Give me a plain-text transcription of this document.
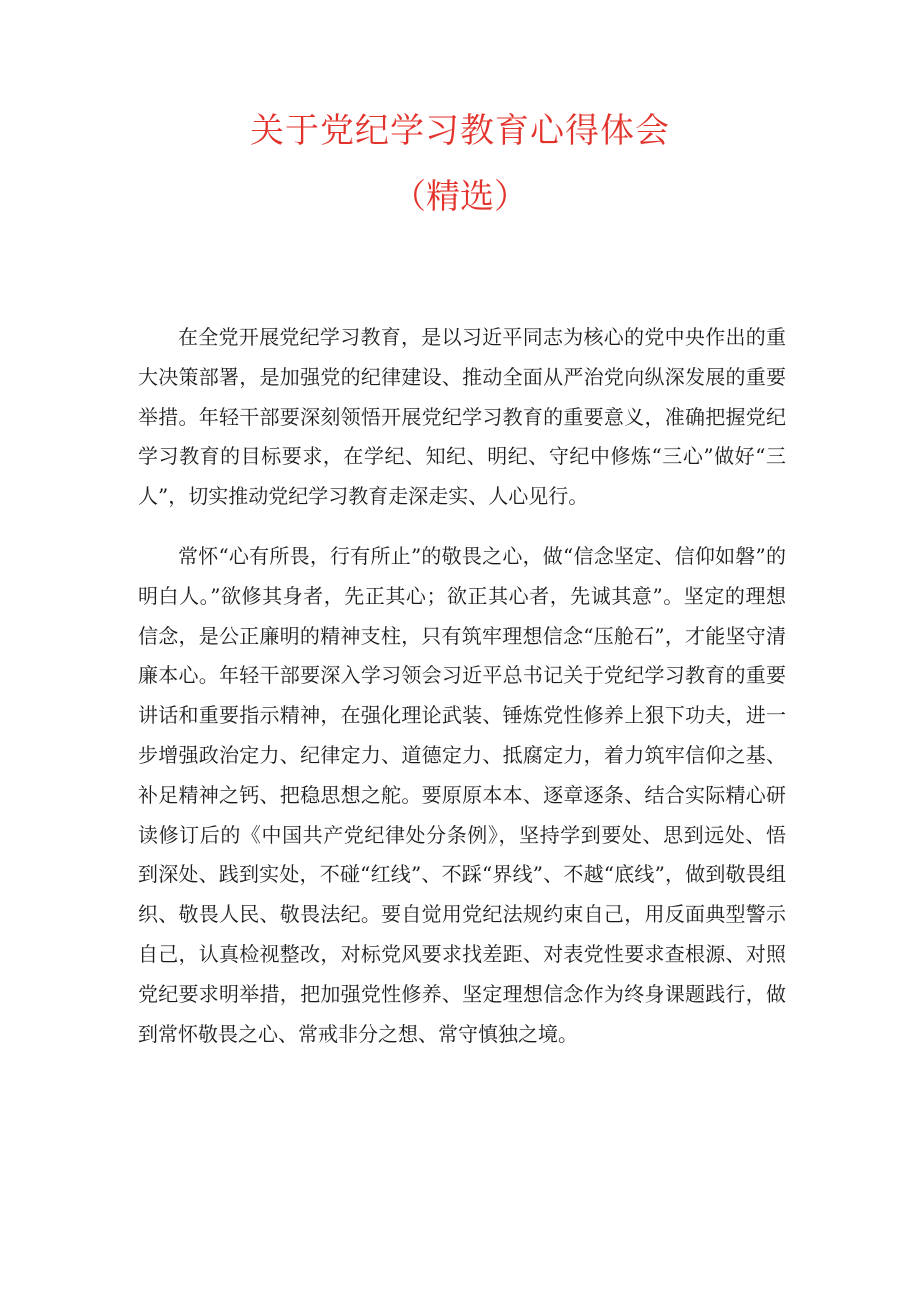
关于党纪学习教育心得体会
（精选）

在全党开展党纪学习教育，是以习近平同志为核心的党中央作出的重大决策部署，是加强党的纪律建设、推动全面从严治党向纵深发展的重要举措。年轻干部要深刻领悟开展党纪学习教育的重要意义，准确把握党纪学习教育的目标要求，在学纪、知纪、明纪、守纪中修炼“三心”做好“三人”，切实推动党纪学习教育走深走实、人心见行。

常怀“心有所畏，行有所止”的敬畏之心，做“信念坚定、信仰如磐”的明白人。”欲修其身者，先正其心；欲正其心者，先诚其意”。坚定的理想信念，是公正廉明的精神支柱，只有筑牢理想信念“压舱石”，才能坚守清廉本心。年轻干部要深入学习领会习近平总书记关于党纪学习教育的重要讲话和重要指示精神，在强化理论武装、锤炼党性修养上狠下功夫，进一步增强政治定力、纪律定力、道德定力、抵腐定力，着力筑牢信仰之基、补足精神之钙、把稳思想之舵。要原原本本、逐章逐条、结合实际精心研读修订后的《中国共产党纪律处分条例》，坚持学到要处、思到远处、悟到深处、践到实处，不碰“红线”、不踩“界线”、不越“底线”，做到敬畏组织、敬畏人民、敬畏法纪。要自觉用党纪法规约束自己，用反面典型警示自己，认真检视整改，对标党风要求找差距、对表党性要求查根源、对照党纪要求明举措，把加强党性修养、坚定理想信念作为终身课题践行，做到常怀敬畏之心、常戒非分之想、常守慎独之境。
